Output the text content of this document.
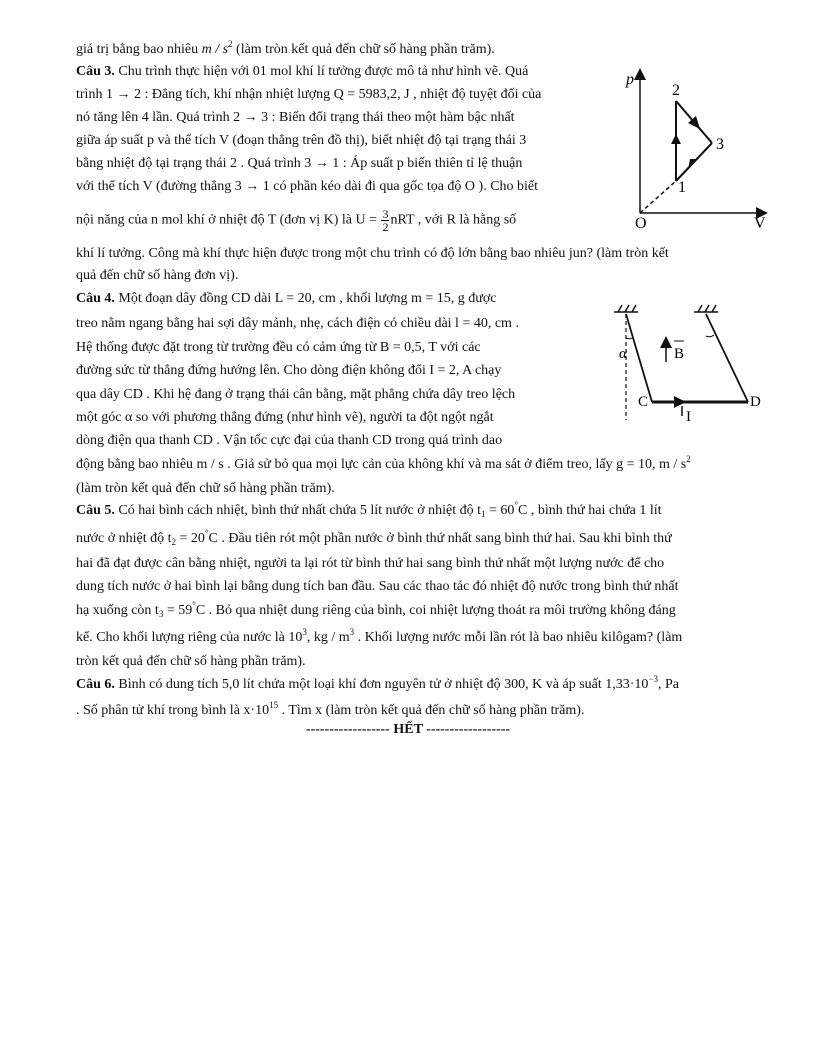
giá trị bằng bao nhiêu m / $s^2$ (làm tròn kết quả đến chữ số hàng phần trăm).
Câu 3. Chu trình thực hiện với 01 mol khí lí tưởng được mô tả như hình vẽ. Quá
trình 1 → 2 : Đẳng tích, khí nhận nhiệt lượng Q = 5983,2, J , nhiệt độ tuyệt đối của
nó tăng lên 4 lần. Quá trình 2 → 3 : Biến đổi trạng thái theo một hàm bậc nhất
giữa áp suất p và thể tích V (đoạn thẳng trên đồ thị), biết nhiệt độ tại trạng thái 3
bằng nhiệt độ tại trạng thái 2 . Quá trình 3 → 1 : Áp suất p biến thiên tỉ lệ thuận
với thể tích V (đường thẳng 3 → 1 có phần kéo dài đi qua gốc tọa độ O ). Cho biết
nội năng của n mol khí ở nhiệt độ T (đơn vị K) là $U = \frac{3}{2}$ nRT , với R là hằng số
khí lí tưởng. Công mà khí thực hiện được trong một chu trình có độ lớn bằng bao nhiêu jun? (làm tròn kết
quả đến chữ số hàng đơn vị).
p
V
O
2
3
1
Câu 4. Một đoạn dây đồng CD dài L = 20, cm , khối lượng m = 15, g được
treo nằm ngang bằng hai sợi dây mảnh, nhẹ, cách điện có chiều dài l = 40, cm .
Hệ thống được đặt trong từ trường đều có cảm ứng từ B = 0,5, T với các
đường sức từ thẳng đứng hướng lên. Cho dòng điện không đổi I = 2, A chạy
qua dây CD . Khi hệ đang ở trạng thái cân bằng, mặt phẳng chứa dây treo lệch
một góc α so với phương thẳng đứng (như hình vẽ), người ta đột ngột ngắt
dòng điện qua thanh CD . Vận tốc cực đại của thanh CD trong quá trình dao
động bằng bao nhiêu m / s . Giả sử bỏ qua mọi lực cản của không khí và ma sát ở điểm treo, lấy g = 10, m / $s^2$
(làm tròn kết quả đến chữ số hàng phần trăm).
α	B
C	D
I
Câu 5. Có hai bình cách nhiệt, bình thứ nhất chứa 5 lít nước ở nhiệt độ $t_1 = 60^\circ C$ , bình thứ hai chứa 1 lít
nước ở nhiệt độ $t_2 = 20^\circ C$ . Đầu tiên rót một phần nước ở bình thứ nhất sang bình thứ hai. Sau khi bình thứ
hai đã đạt được cân bằng nhiệt, người ta lại rót từ bình thứ hai sang bình thứ nhất một lượng nước để cho
dung tích nước ở hai bình lại bằng dung tích ban đầu. Sau các thao tác đó nhiệt độ nước trong bình thứ nhất
hạ xuống còn $t_3 = 59^\circ C$ . Bỏ qua nhiệt dung riêng của bình, coi nhiệt lượng thoát ra môi trường không đáng
kể. Cho khối lượng riêng của nước là $10^3$, kg / $m^3$ . Khối lượng nước mỗi lần rót là bao nhiêu kilôgam? (làm
tròn kết quả đến chữ số hàng phần trăm).
Câu 6. Bình có dung tích 5,0 lít chứa một loại khí đơn nguyên tử ở nhiệt độ 300, K và áp suất $1,33\cdot 10^{-3}$, Pa
. Số phân tử khí trong bình là $x\cdot 10^{15}$ . Tìm x (làm tròn kết quả đến chữ số hàng phần trăm).
------------------ HẾT ------------------
